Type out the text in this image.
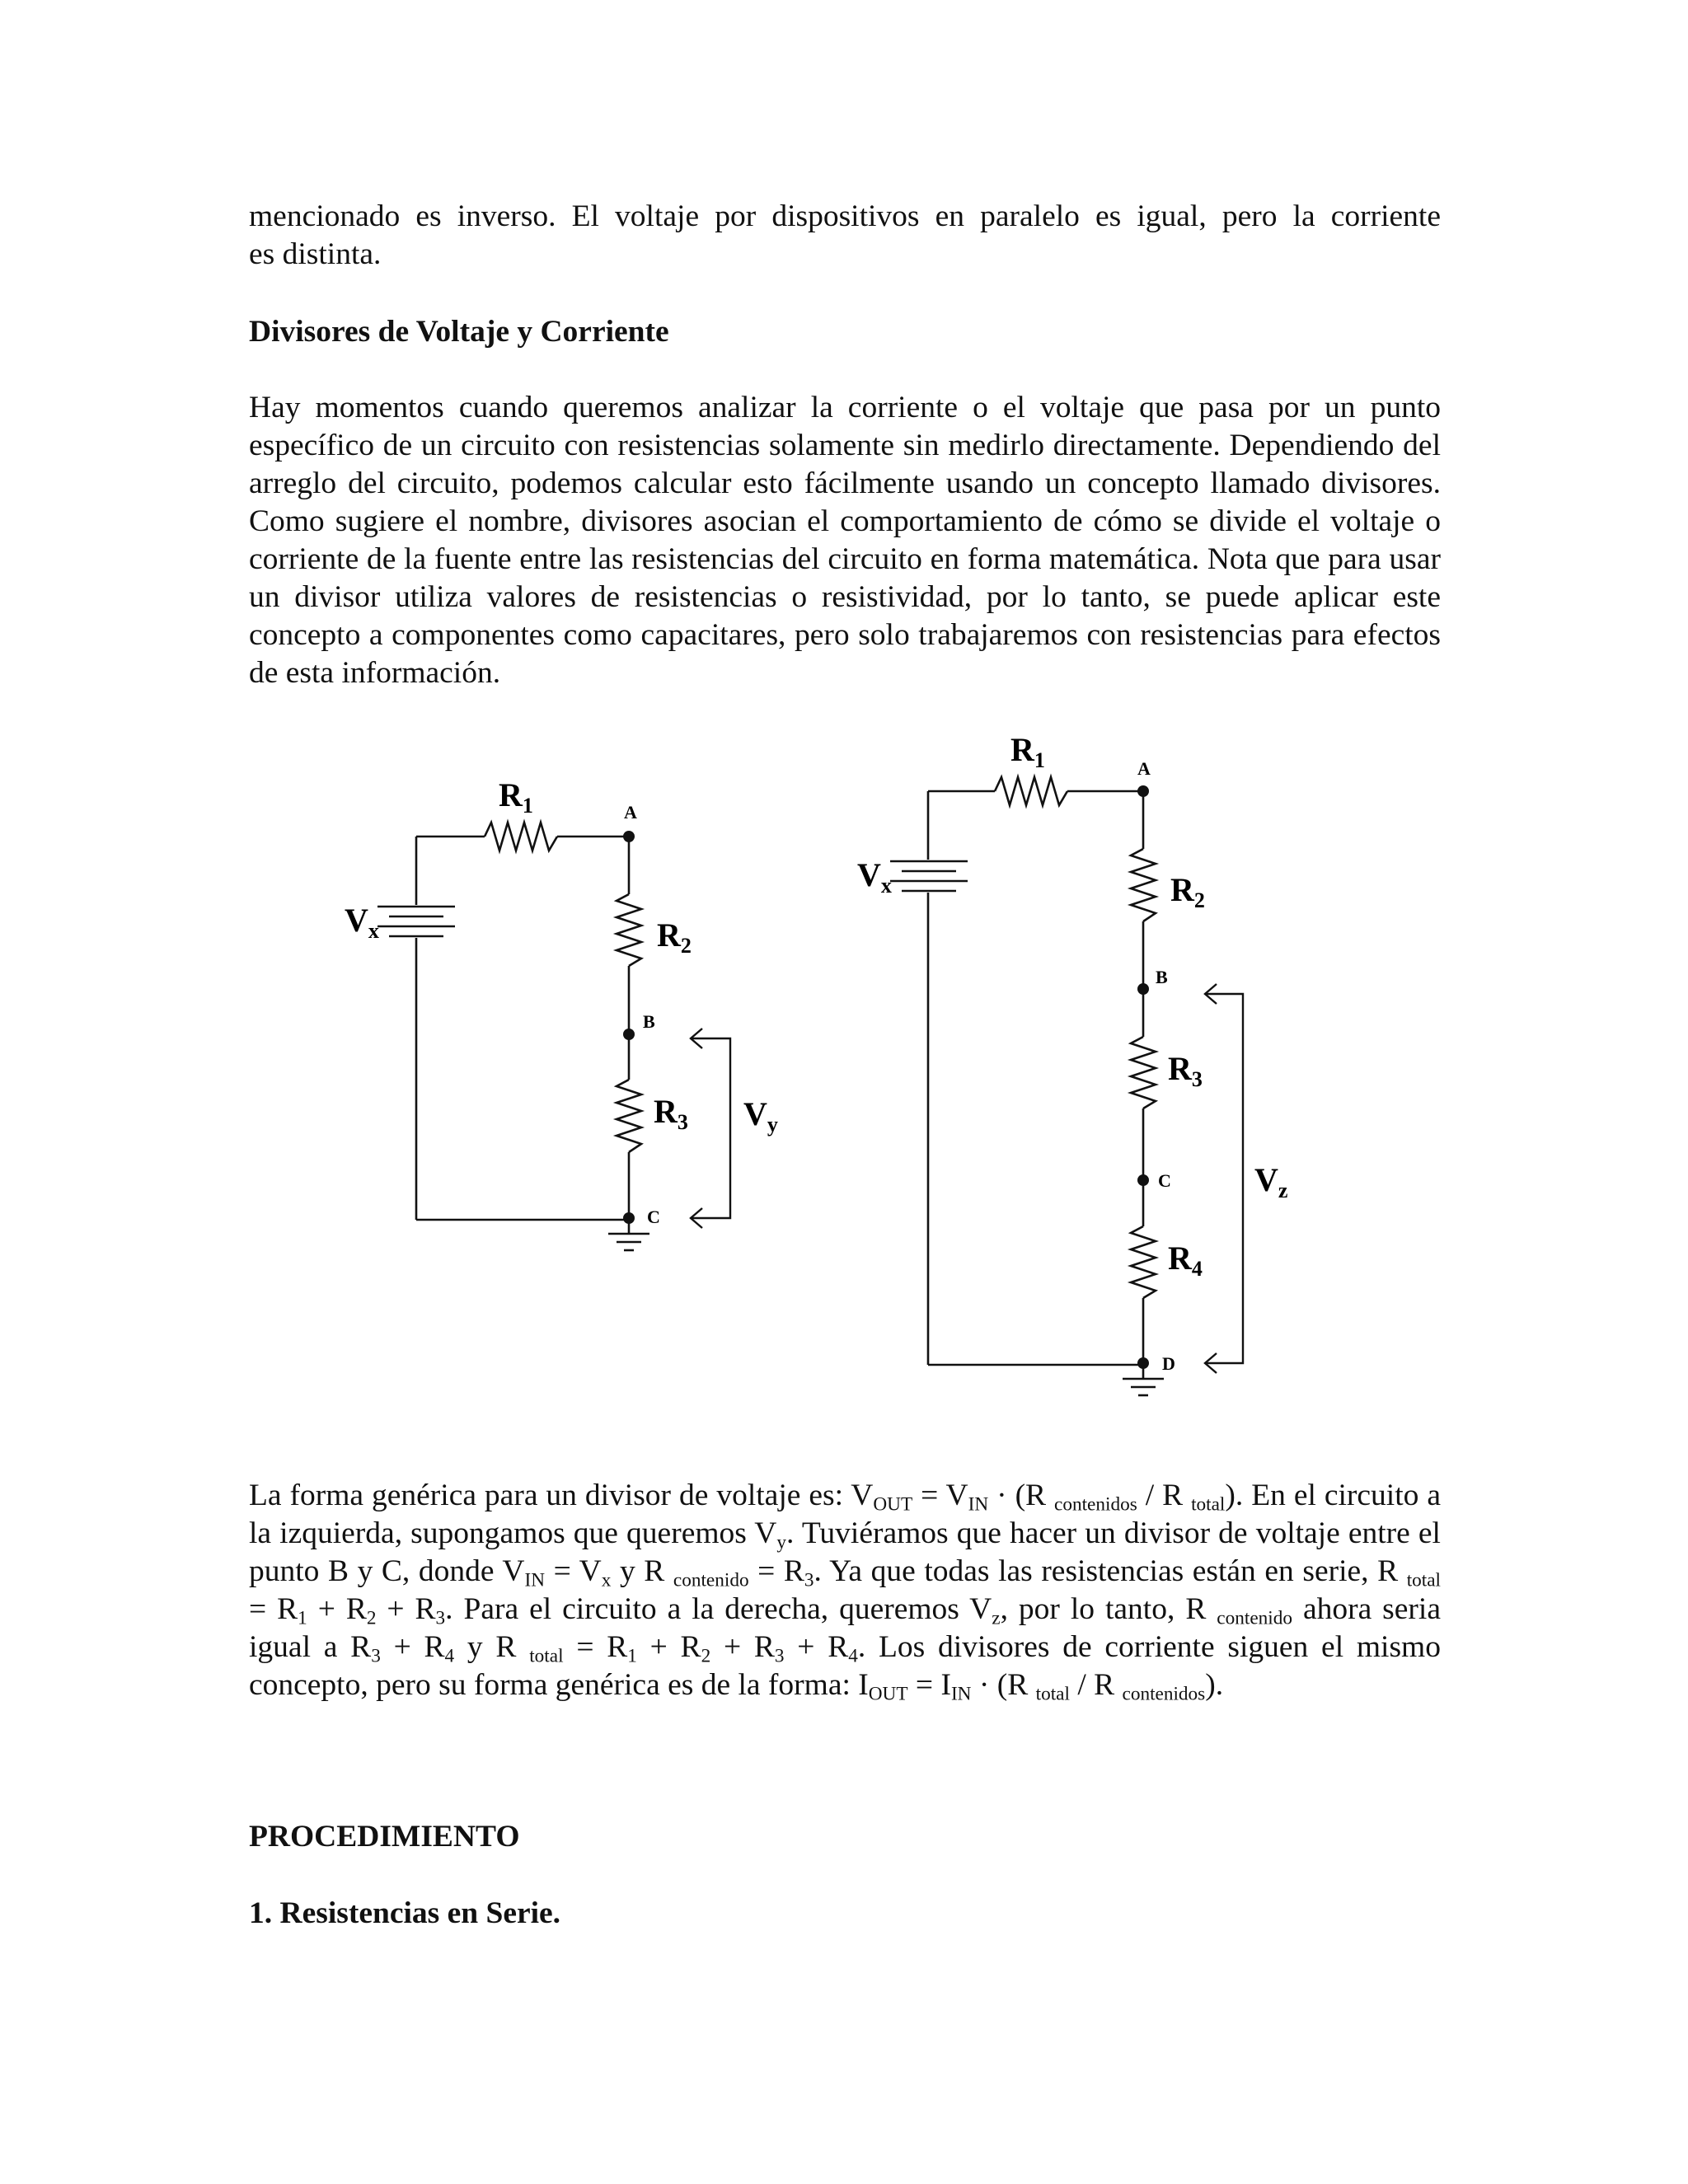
mencionado es inverso. El voltaje por dispositivos en paralelo es igual, pero la corriente
es distinta.
Divisores de Voltaje y Corriente
Hay momentos cuando queremos analizar la corriente o el voltaje que pasa por un punto específico de un circuito con resistencias solamente sin medirlo directamente. Dependiendo del arreglo del circuito, podemos calcular esto fácilmente usando un concepto llamado divisores. Como sugiere el nombre, divisores asocian el comportamiento de cómo se divide el voltaje o corriente de la fuente entre las resistencias del circuito en forma matemática. Nota que para usar un divisor utiliza valores de resistencias o resistividad, por lo tanto, se puede aplicar este concepto a componentes como capacitares, pero solo trabajaremos con resistencias para efectos de esta información.
$R_1$	A
$V_x$	$R_2$
B
$R_3$ $V_y$
C
$R_1$	A
$V_x$	$R_2$
B
$R_3$
C	$V_z$
$R_4$
D
La forma genérica para un divisor de voltaje es: $V_{OUT} = V_{IN} \cdot (R$ $_{contenidos}$ / R $_{total}$). En el circuito a la izquierda, supongamos que queremos $V_y$. Tuviéramos que hacer un divisor de voltaje entre el punto B y C, donde $V_{IN} = V_x$ y R $_{contenido} = R_3$. Ya que todas las resistencias están en serie, R $_{total} = R_1 + R_2 + R_3$. Para el circuito a la derecha, queremos $V_z$, por lo tanto, R $_{contenido}$ ahora seria igual a $R_3 + R_4$ y R $_{total} = R_1 + R_2 + R_3 + R_4$. Los divisores de corriente siguen el mismo concepto, pero su forma genérica es de la forma: $I_{OUT} = I_{IN} \cdot (R$ $_{total}$ / R $_{contenidos}$).
PROCEDIMIENTO
1. Resistencias en Serie.
